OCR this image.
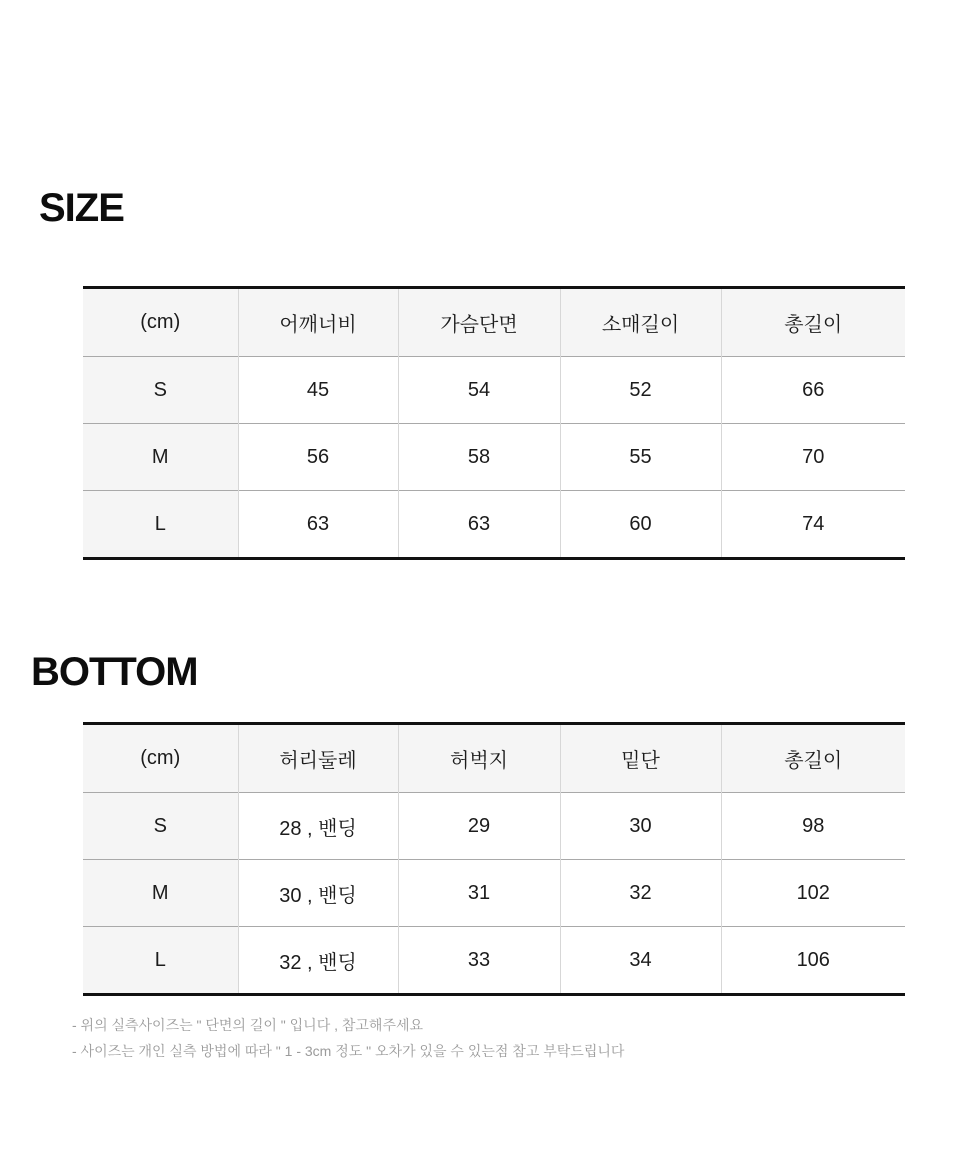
SIZE
(cm)	어깨너비	가슴단면	소매길이	총길이
S	45	54	52	66
M	56	58	55	70
L	63	63	60	74
BOTTOM
(cm)	허리둘레	허벅지	밑단	총길이
S	28 , 밴딩	29	30	98
M	30 , 밴딩	31	32	102
L	32 , 밴딩	33	34	106

- 위의 실측사이즈는 " 단면의 길이 " 입니다 , 참고해주세요

- 사이즈는 개인 실측 방법에 따라 " 1 - 3cm 정도 " 오차가 있을 수 있는점 참고 부탁드립니다
